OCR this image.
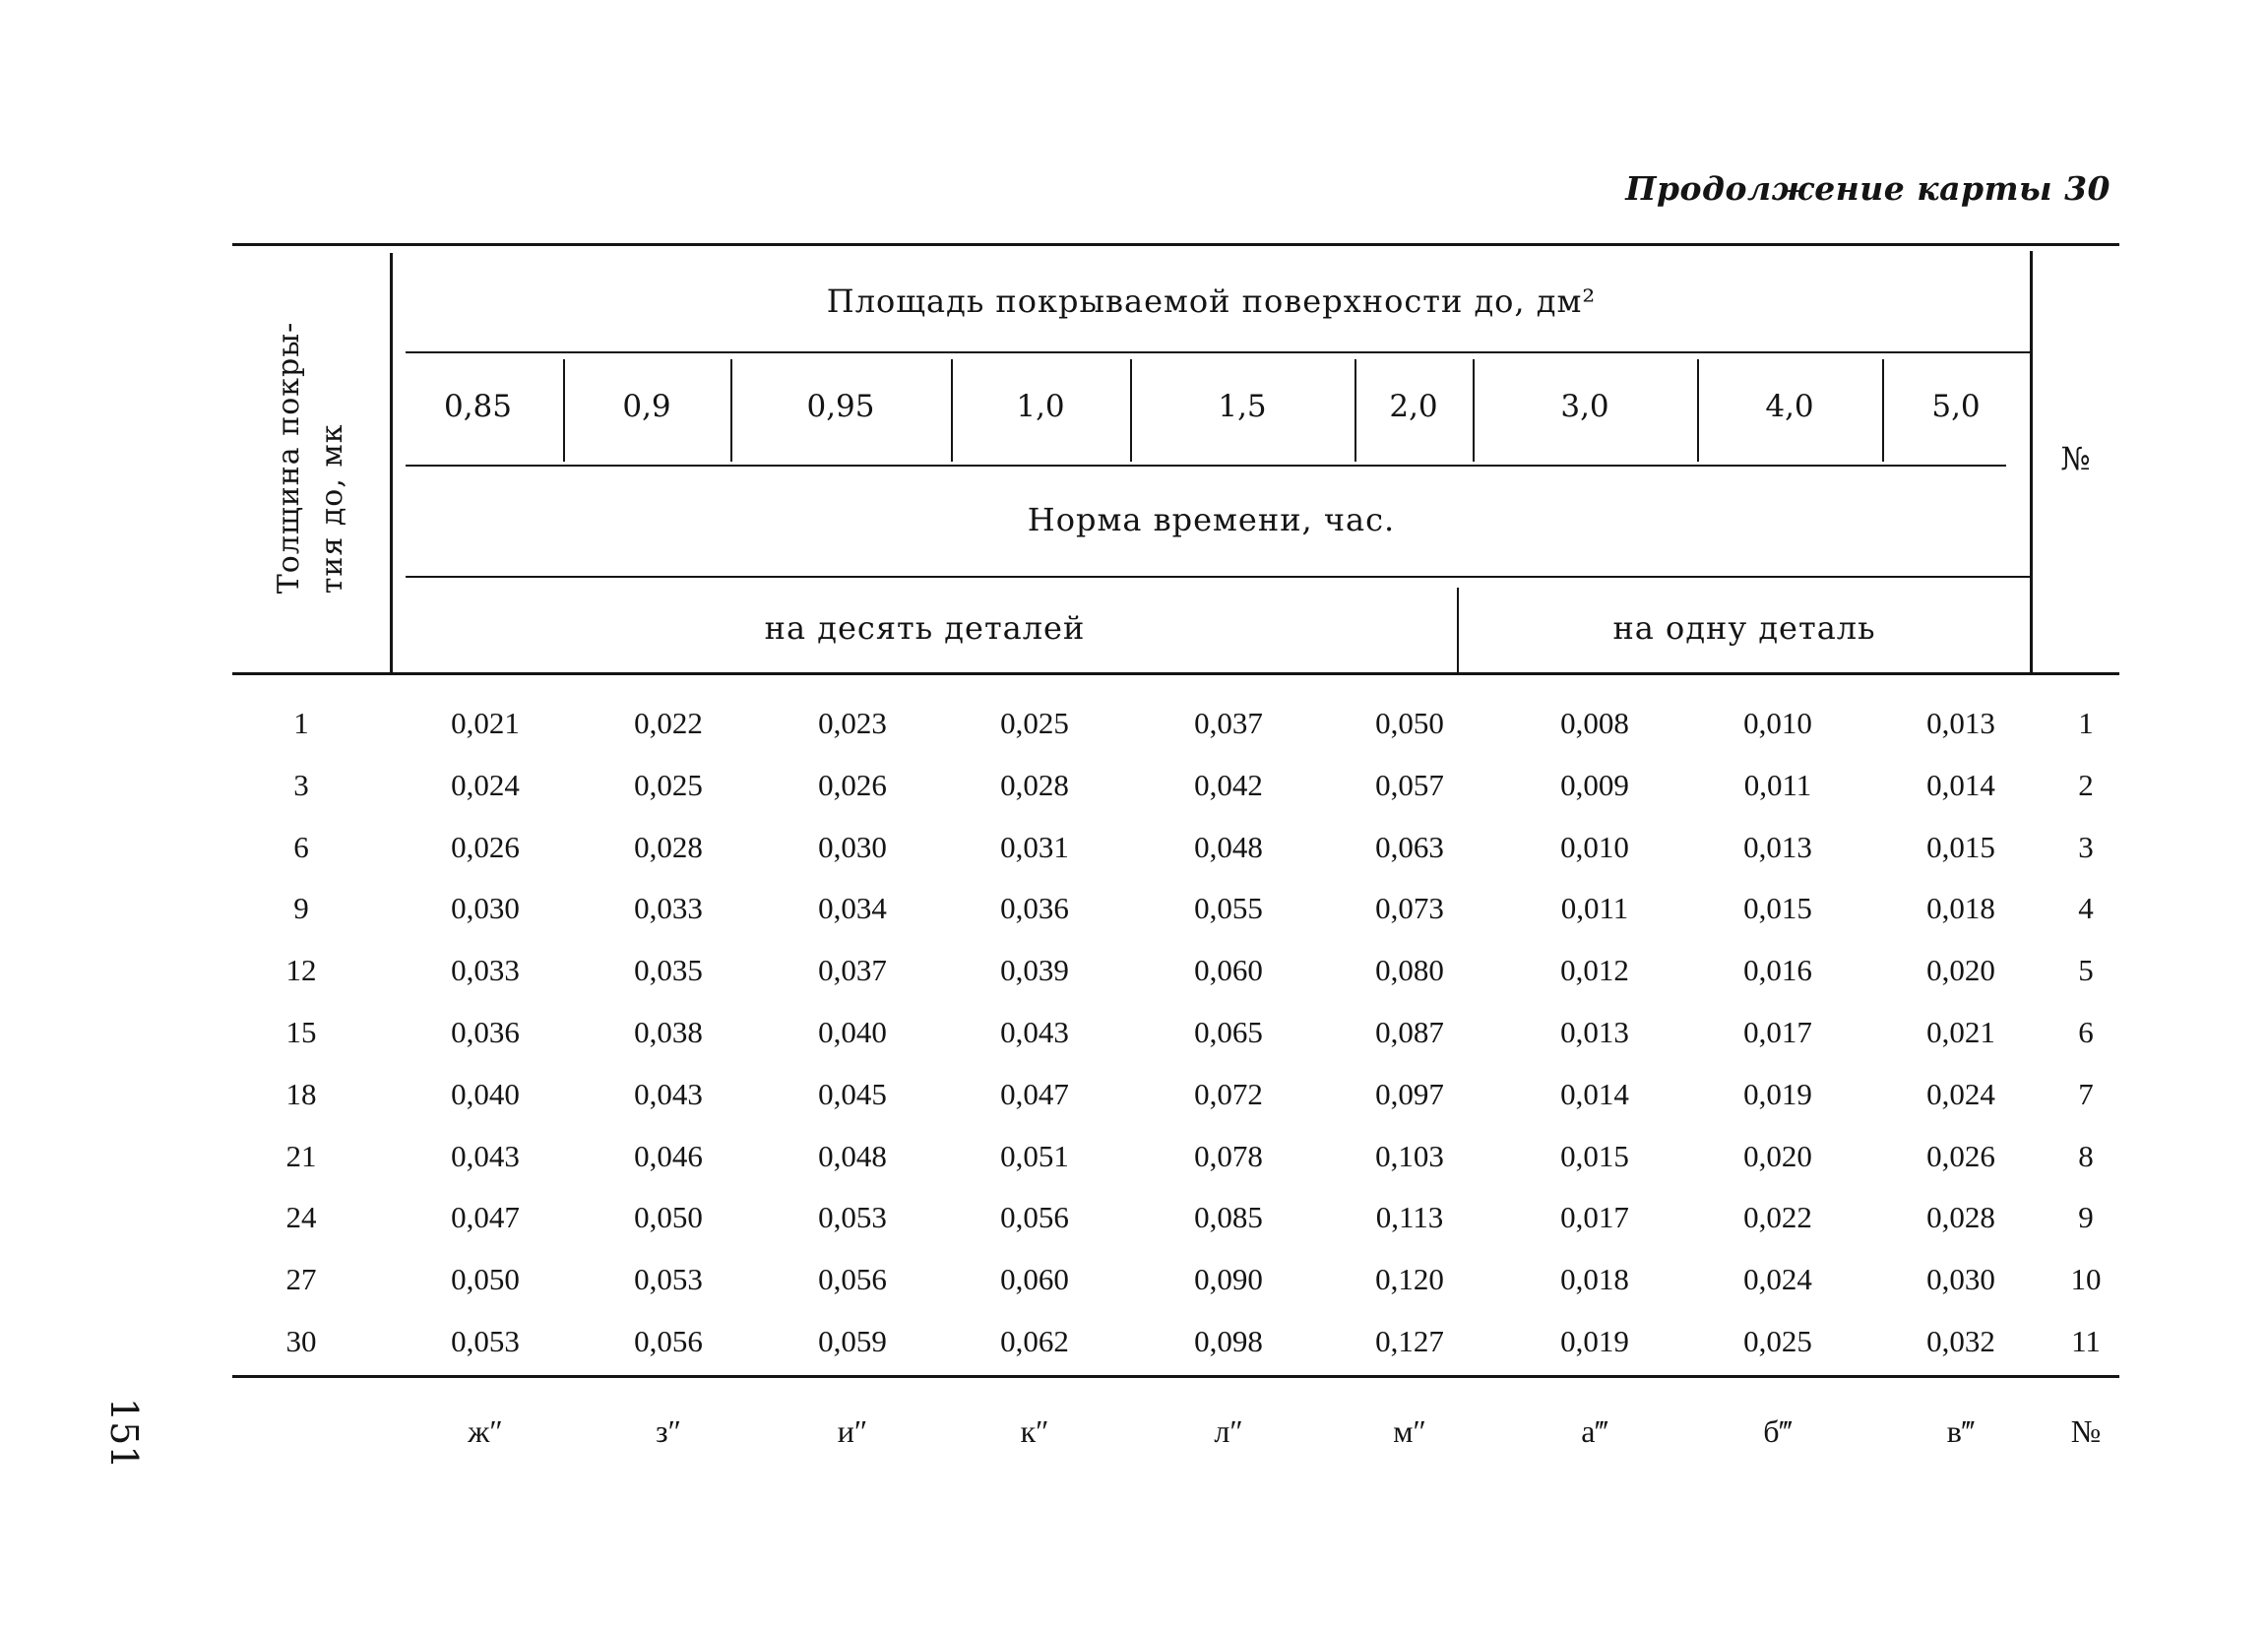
Продолжение карты 30
151
Толщина покры- тия до, мк
Площадь покрываемой поверхности до, дм²
0,85	0,9	0,95	1,0	1,5	2,0	3,0	4,0	5,0
Норма времени, час.
на десять деталей	на одну деталь
№
1	0,021	0,022	0,023	0,025	0,037	0,050	0,008	0,010	0,013	1
3	0,024	0,025	0,026	0,028	0,042	0,057	0,009	0,011	0,014	2
6	0,026	0,028	0,030	0,031	0,048	0,063	0,010	0,013	0,015	3
9	0,030	0,033	0,034	0,036	0,055	0,073	0,011	0,015	0,018	4
12	0,033	0,035	0,037	0,039	0,060	0,080	0,012	0,016	0,020	5
15	0,036	0,038	0,040	0,043	0,065	0,087	0,013	0,017	0,021	6
18	0,040	0,043	0,045	0,047	0,072	0,097	0,014	0,019	0,024	7
21	0,043	0,046	0,048	0,051	0,078	0,103	0,015	0,020	0,026	8
24	0,047	0,050	0,053	0,056	0,085	0,113	0,017	0,022	0,028	9
27	0,050	0,053	0,056	0,060	0,090	0,120	0,018	0,024	0,030	10
30	0,053	0,056	0,059	0,062	0,098	0,127	0,019	0,025	0,032	11
ж″	з″	и″	к″	л″	м″	а‴	б‴	в‴	№
